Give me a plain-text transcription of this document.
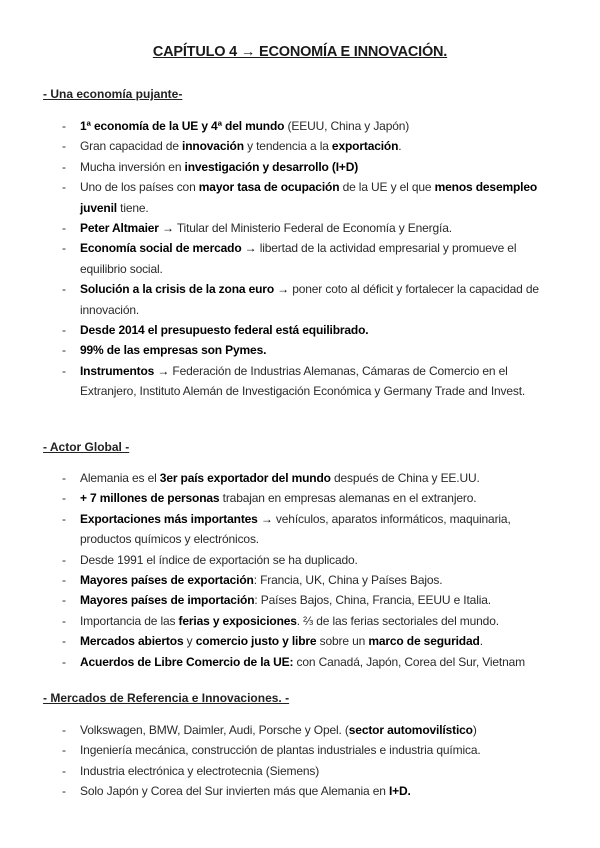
CAPÍTULO 4 → ECONOMÍA E INNOVACIÓN.
- Una economía pujante-
- 1ª economía de la UE y 4ª del mundo (EEUU, China y Japón)
- Gran capacidad de innovación y tendencia a la exportación.
- Mucha inversión en investigación y desarrollo (I+D)
- Uno de los países con mayor tasa de ocupación de la UE y el que menos desempleo juvenil tiene.
- Peter Altmaier → Titular del Ministerio Federal de Economía y Energía.
- Economía social de mercado → libertad de la actividad empresarial y promueve el equilibrio social.
- Solución a la crisis de la zona euro → poner coto al déficit y fortalecer la capacidad de innovación.
- Desde 2014 el presupuesto federal está equilibrado.
- 99% de las empresas son Pymes.
- Instrumentos → Federación de Industrias Alemanas, Cámaras de Comercio en el Extranjero, Instituto Alemán de Investigación Económica y Germany Trade and Invest.
- Actor Global -
- Alemania es el 3er país exportador del mundo después de China y EE.UU.
- + 7 millones de personas trabajan en empresas alemanas en el extranjero.
- Exportaciones más importantes → vehículos, aparatos informáticos, maquinaria, productos químicos y electrónicos.
- Desde 1991 el índice de exportación se ha duplicado.
- Mayores países de exportación: Francia, UK, China y Países Bajos.
- Mayores países de importación: Países Bajos, China, Francia, EEUU e Italia.
- Importancia de las ferias y exposiciones. ⅔ de las ferias sectoriales del mundo.
- Mercados abiertos y comercio justo y libre sobre un marco de seguridad.
- Acuerdos de Libre Comercio de la UE: con Canadá, Japón, Corea del Sur, Vietnam
- Mercados de Referencia e Innovaciones. -
- Volkswagen, BMW, Daimler, Audi, Porsche y Opel. (sector automovilístico)
- Ingeniería mecánica, construcción de plantas industriales e industria química.
- Industria electrónica y electrotecnia (Siemens)
- Solo Japón y Corea del Sur invierten más que Alemania en I+D.
